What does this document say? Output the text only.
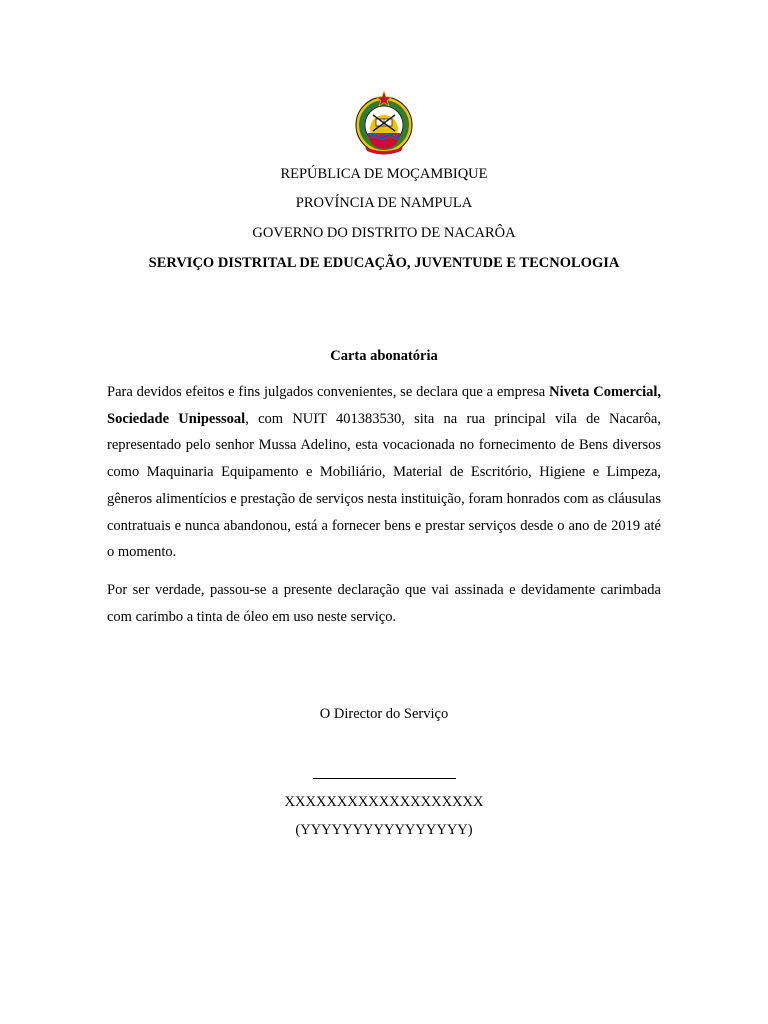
REPÚBLICA DE MOÇAMBIQUE
PROVÍNCIA DE NAMPULA
GOVERNO DO DISTRITO DE NACARÔA
SERVIÇO DISTRITAL DE EDUCAÇÃO, JUVENTUDE E TECNOLOGIA
Carta abonatória

Para devidos efeitos e fins julgados convenientes, se declara que a empresa Niveta Comercial, Sociedade Unipessoal, com NUIT 401383530, sita na rua principal vila de Nacarôa, representado pelo senhor Mussa Adelino, esta vocacionada no fornecimento de Bens diversos como Maquinaria Equipamento e Mobiliário, Material de Escritório, Higiene e Limpeza, gêneros alimentícios e prestação de serviços nesta instituição, foram honrados com as cláusulas contratuais e nunca abandonou, está a fornecer bens e prestar serviços desde o ano de 2019 até o momento.

Por ser verdade, passou-se a presente declaração que vai assinada e devidamente carimbada com carimbo a tinta de óleo em uso neste serviço.

O Director do Serviço
XXXXXXXXXXXXXXXXXXX
(YYYYYYYYYYYYYYYY)
